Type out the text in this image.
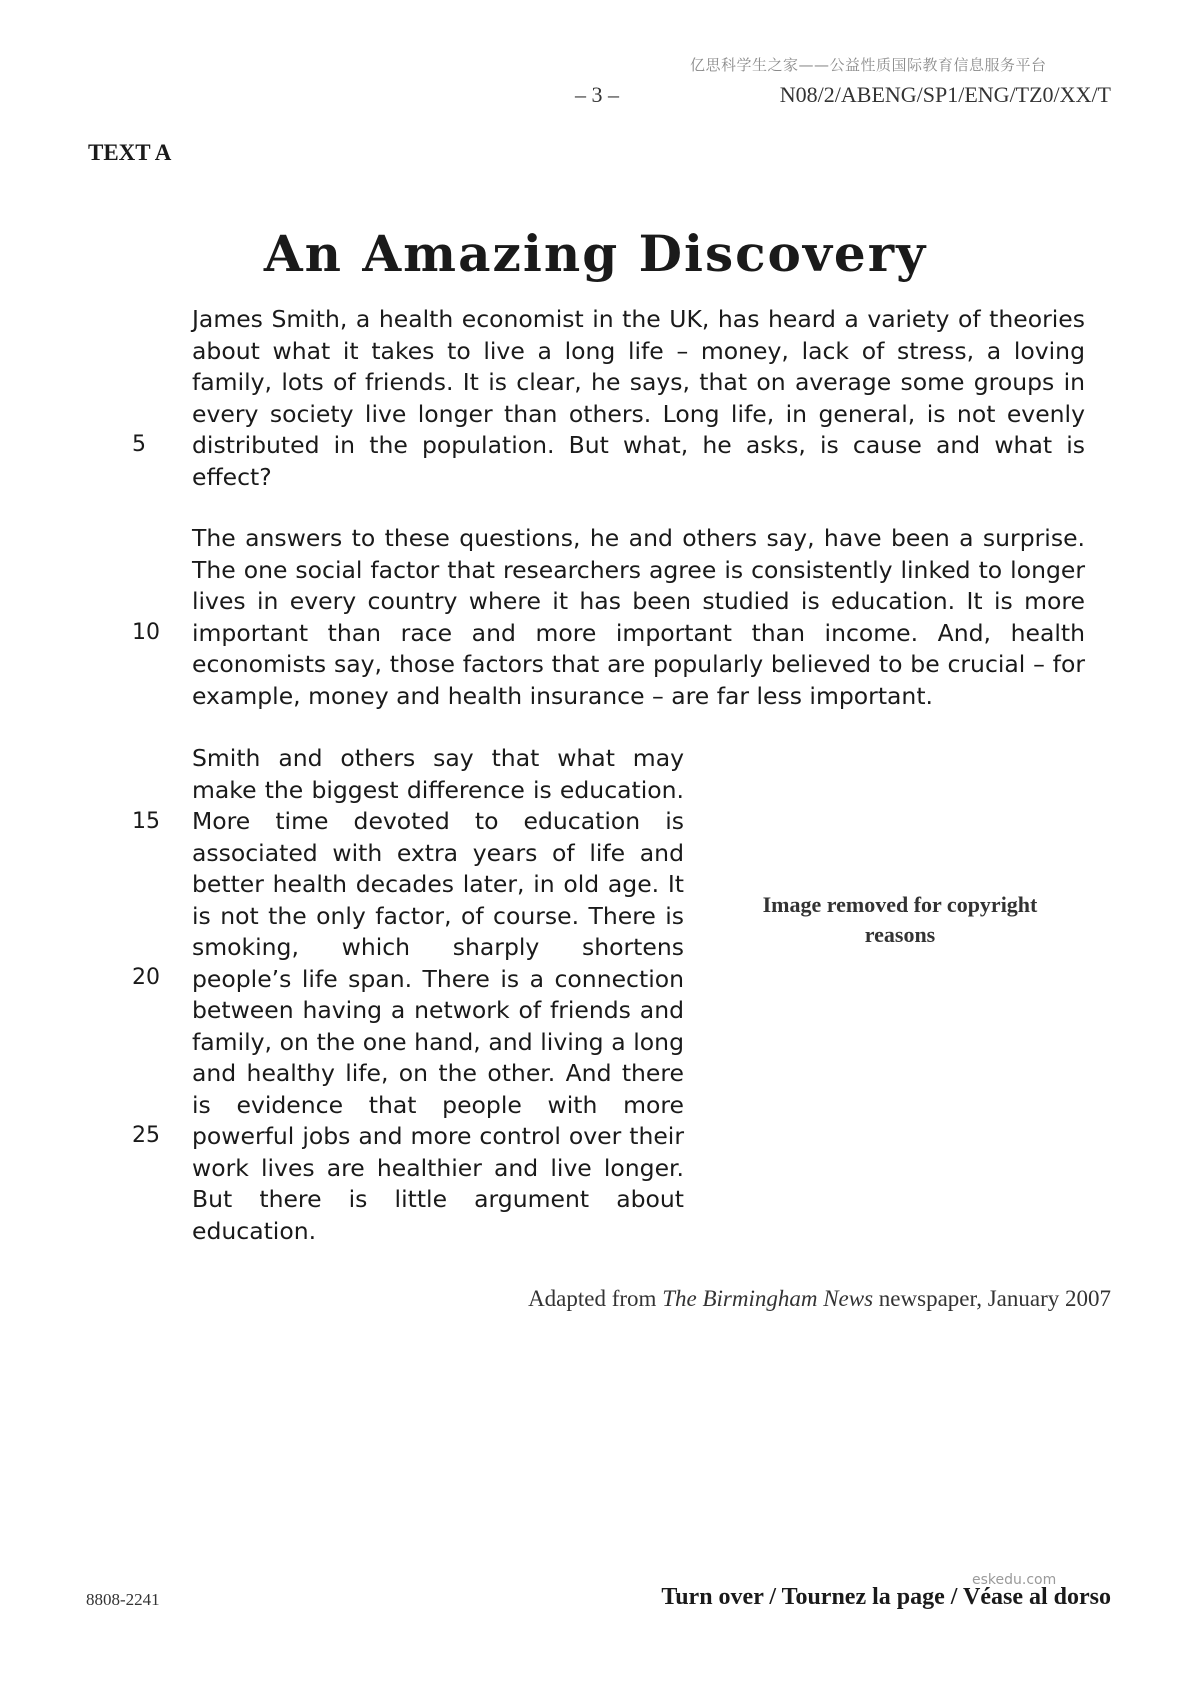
亿思科学生之家——公益性质国际教育信息服务平台
– 3 –	N08/2/ABENG/SP1/ENG/TZ0/XX/T
TEXT A
An Amazing Discovery
James Smith, a health economist in the UK, has heard a variety of theories about what it takes to live a long life – money, lack of stress, a loving family, lots of friends. It is clear, he says, that on average some groups in every society live longer than others. Long life, in general, is not evenly distributed in the population. But what, he asks, is cause and what is effect?
The answers to these questions, he and others say, have been a surprise. The one social factor that researchers agree is consistently linked to longer lives in every country where it has been studied is education. It is more important than race and more important than income. And, health economists say, those factors that are popularly believed to be crucial – for example, money and health insurance – are far less important.
Smith and others say that what may make the biggest difference is education. More time devoted to education is associated with extra years of life and better health decades later, in old age. It is not the only factor, of course. There is smoking, which sharply shortens people’s life span. There is a connection between having a network of friends and family, on the one hand, and living a long and healthy life, on the other. And there is evidence that people with more powerful jobs and more control over their work lives are healthier and live longer. But there is little argument about education.
5
10
15
20
25
Image removed for copyright reasons
Adapted from The Birmingham News newspaper, January 2007
eskedu.com
8808-2241	Turn over / Tournez la page / Véase al dorso
